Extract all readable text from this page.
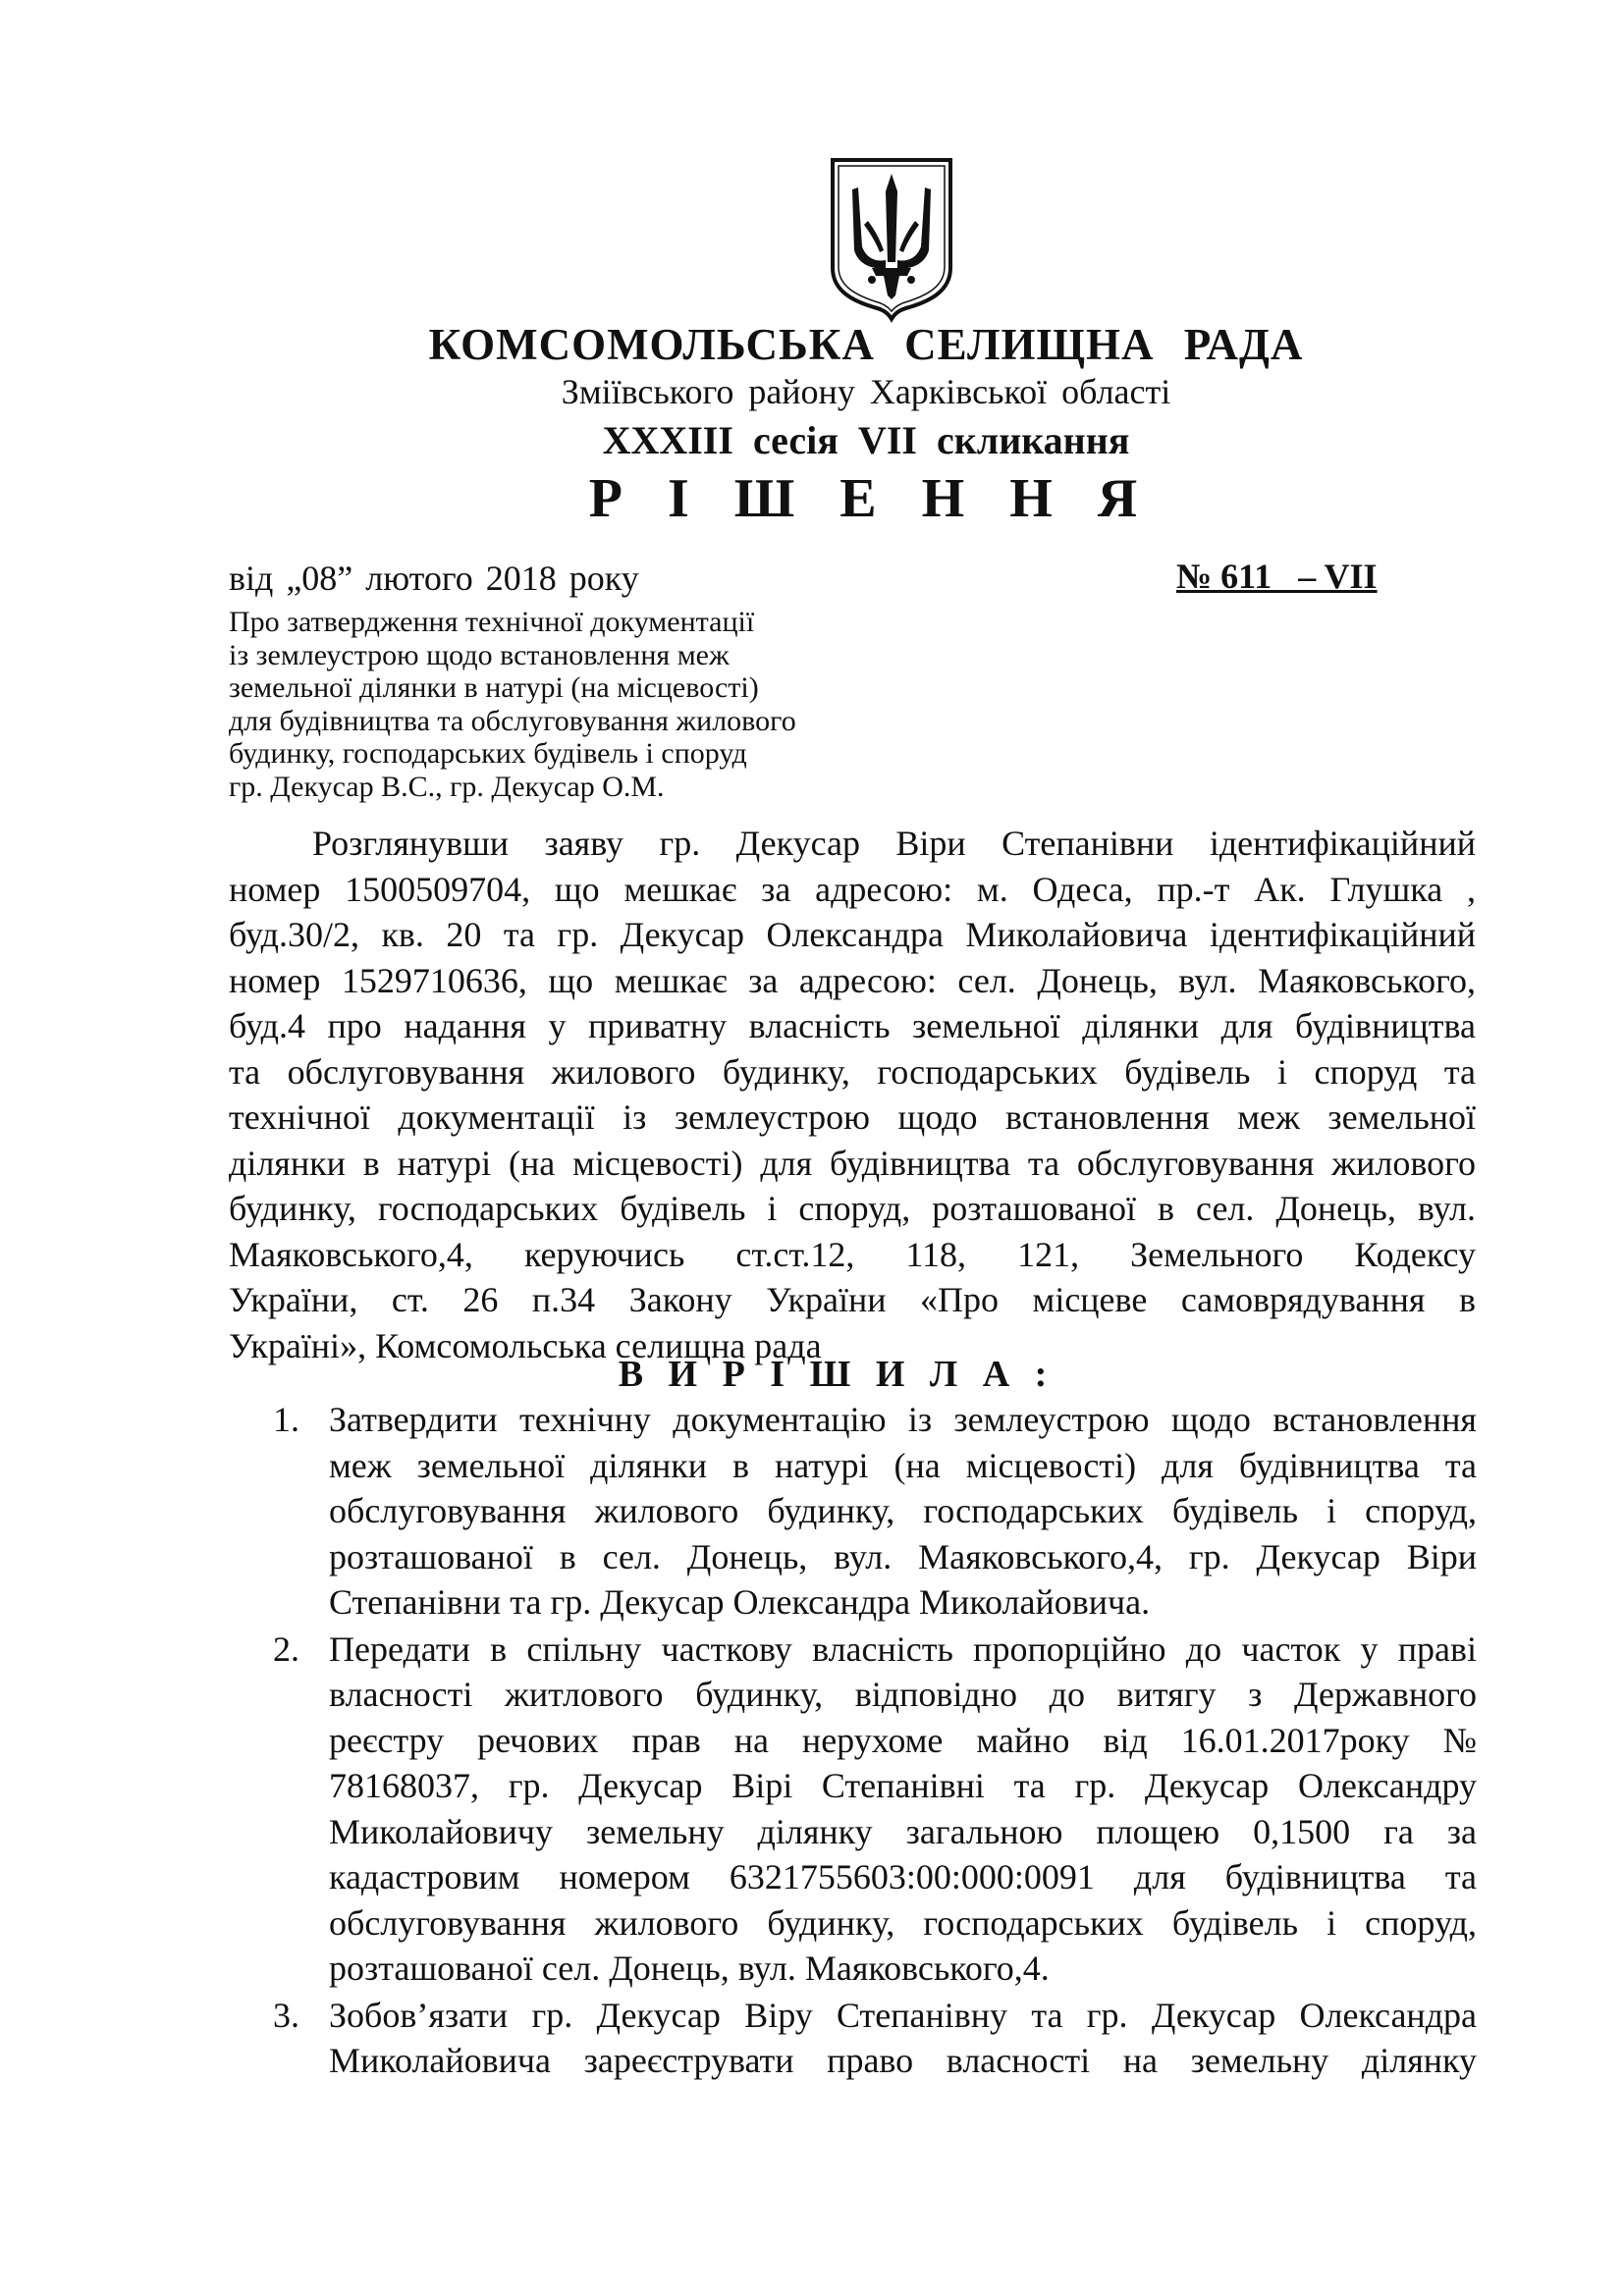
КОМСОМОЛЬСЬКА СЕЛИЩНА РАДА
Зміївського району Харківської області
XXXIII сесія VII скликання
Р І Ш Е Н Н Я
від „08” лютого 2018 року	№ 611   – VII
Про затвердження технічної документації
із землеустрою щодо встановлення меж
земельної ділянки в натурі (на місцевості)
для будівництва та обслуговування жилового
будинку, господарських будівель і споруд
гр. Декусар В.С., гр. Декусар О.М.
Розглянувши заяву гр. Декусар Віри Степанівни ідентифікаційний
номер 1500509704, що мешкає за адресою: м. Одеса, пр.-т Ак. Глушка ,
буд.30/2, кв. 20 та гр. Декусар Олександра Миколайовича ідентифікаційний
номер 1529710636, що мешкає за адресою: сел. Донець, вул. Маяковського,
буд.4 про надання у приватну власність земельної ділянки для будівництва
та обслуговування жилового будинку, господарських будівель і споруд та
технічної документації із землеустрою щодо встановлення меж земельної
ділянки в натурі (на місцевості) для будівництва та обслуговування жилового
будинку, господарських будівель і споруд, розташованої в сел. Донець, вул.
Маяковського,4, керуючись ст.ст.12, 118, 121, Земельного Кодексу
України, ст. 26 п.34 Закону України «Про місцеве самоврядування в
Україні», Комсомольська селищна рада
В И Р І Ш И Л А :
1. Затвердити технічну документацію із землеустрою щодо встановлення
меж земельної ділянки в натурі (на місцевості) для будівництва та
обслуговування жилового будинку, господарських будівель і споруд,
розташованої в сел. Донець, вул. Маяковського,4, гр. Декусар Віри
Степанівни та гр. Декусар Олександра Миколайовича.
2. Передати в спільну часткову власність пропорційно до часток у праві
власності житлового будинку, відповідно до витягу з Державного
реєстру речових прав на нерухоме майно від 16.01.2017року №
78168037, гр. Декусар Вірі Степанівні та гр. Декусар Олександру
Миколайовичу земельну ділянку загальною площею 0,1500 га за
кадастровим номером 6321755603:00:000:0091 для будівництва та
обслуговування жилового будинку, господарських будівель і споруд,
розташованої сел. Донець, вул. Маяковського,4.
3. Зобов’язати гр. Декусар Віру Степанівну та гр. Декусар Олександра
Миколайовича зареєструвати право власності на земельну ділянку
